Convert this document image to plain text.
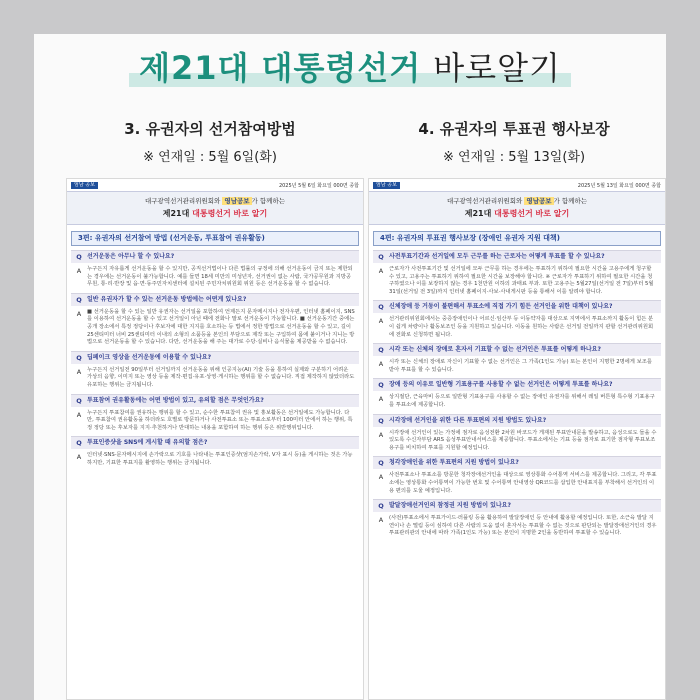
제21대 대통령선거 바로알기
3. 유권자의 선거참여방법
※ 연재일 : 5월 6일(화)
4. 유권자의 투표권 행사보장
※ 연재일 : 5월 13일(화)
엄남 공보	2025년 5월 6일 화요일 000면 종합
대구광역선거관리위원회와 영남공보 가 함께하는
제21대 대통령선거 바로 알기
3편: 유권자의 선거참여 방법 (선거운동, 투표참여 권유활동)
Q 선거운동은 아무나 할 수 있나요?
A	누구든지 자유롭게 선거운동을 할 수 있지만, 공직선거법이나 다른 법률의 규정에 의해 선거운동이 금지 또는 제한되는 경우에는 선거운동이 불가능합니다. 예를 들면 18세 미만의 미성년자, 선거권이 없는 사람, 국가공무원과 지방공무원, 통·리·반장 및 읍·면·동주민자치센터에 설치된 주민자치위원회 위원 등은 선거운동을 할 수 없습니다.
Q 일반 유권자가 할 수 있는 선거운동 방법에는 어떤게 있나요?
A	■ 선거운동을 할 수 있는 일반 유권자는 선거일을 포함하여 언제든지 문자메시지나 전자우편, 인터넷 홈페이지, SNS를 이용하여 선거운동을 할 수 있고 선거일이 아닌 때에 전화나 말로 선거운동이 가능합니다. ■ 선거운동기간 중에는 공개 장소에서 특정 정당이나 후보자에 대한 지지를 호소하는 등 법에서 정한 방법으로 선거운동을 할 수 있고, 길이 25센티미터 너비 25센티미터 이내의 소형의 소품등을 본인의 부담으로 제작 또는 구입하여 몸에 붙이거나 지니는 방법으로 선거운동을 할 수 있습니다. 다만, 선거운동을 해 주는 대가로 수당·실비나 음식물을 제공받을 수 없습니다.
Q 딥페이크 영상을 선거운동에 이용할 수 있나요?
A	누구든지 선거일전 90일부터 선거일까지 선거운동을 위해 인공지능(AI) 기술 등을 통하여 실제와 구분하기 어려운 가상의 음향, 이미지 또는 영상 등을 제작·편집·유포·상영·게시하는 행위를 할 수 없습니다. 직접 제작하지 않았더라도 유포하는 행위는 금지됩니다.
Q 투표참여 권유활동에는 어떤 방법이 있고, 유의할 점은 무엇인가요?
A	누구든지 투표참여를 권유하는 행위를 할 수 있고, 순수한 투표참여 권유 및 홍보활동은 선거일에도 가능합니다. 다만, 투표참여 권유활동을 하더라도 호별로 방문하거나 사전투표소 또는 투표소로부터 100미터 안에서 하는 행위, 특정 정당 또는 후보자를 지지·추천하거나 반대하는 내용을 포함하여 하는 행위 등은 위반행위입니다.
Q 투표인증샷을 SNS에 게시할 때 유의할 점은?
A	인터넷·SNS·문자메시지에 손가락으로 기호를 나타내는 투표인증샷(엄지손가락, V자 표시 등)을 게시하는 것은 가능하지만, 기표한 투표지를 촬영하는 행위는 금지됩니다.
엄남 공보	2025년 5월 13일 화요일 000면 종합
대구광역선거관리위원회와 영남공보 가 함께하는
제21대 대통령선거 바로 알기
4편: 유권자의 투표권 행사보장 (장애인 유권자 지원 대책)
Q 사전투표기간과 선거일에 모두 근무를 하는 근로자는 어떻게 투표를 할 수 있나요?
A	근로자가 사전투표기간 및 선거일에 모두 근무를 하는 경우에는 투표하기 위하여 필요한 시간을 고용주에게 청구할 수 있고, 고용주는 투표하기 위하여 필요한 시간을 보장해야 합니다. ※ 근로자가 투표하기 위하여 필요한 시간을 청구하였으나 이를 보장하지 않는 경우 1천만원 이하의 과태료 부과. 또한 고용주는 5월27일(선거일 전 7일)부터 5월31일(선거일 전 3일)까지 인터넷 홈페이지·사보·사내게시판 등을 통해서 이를 알려야 합니다.
Q 신체장애 등 거동이 불편해서 투표소에 직접 가기 힘든 선거인을 위한 대책이 있나요?
A	선거관리위원회에서는 중증장애인이나 어르신·임산부 등 이동약자를 대상으로 지역에서 투표소까지 활동이 힘든 분이 쉽게 차량이나 활동보조인 등을 지원하고 있습니다. 이동을 원하는 사람은 선거일 전일까지 관할 선거관리위원회에 전화로 신청하면 됩니다.
Q 시각 또는 신체의 장애로 혼자서 기표할 수 없는 선거인은 투표를 어떻게 하나요?
A	시각 또는 신체의 장애로 자신이 기표할 수 없는 선거인은 그 가족(1인도 가능) 또는 본인이 지명한 2명에게 보조를 받아 투표를 할 수 있습니다.
Q 장애 등의 이유로 일반형 기표용구를 사용할 수 없는 선거인은 어떻게 투표를 하나요?
A	상지절단, 근육마비 등으로 일반형 기표용구를 사용할 수 없는 장애인 유권자를 위해서 레일 버튼형 특수형 기표용구를 투표소에 제공합니다.
Q 시각장애 선거인을 위한 다른 투표편의 지원 방법도 있나요?
A	시각장애 선거인이 있는 가정에 점자로 음성전환 2차원 바코드가 게재된 투표안내문을 발송하고, 음성으로도 들을 수 있도록 수신자부담 ARS 음성투표안내서비스를 제공합니다. 투표소에서는 기표 등을 점자로 표기한 점자형 투표보조용구를 비치하여 투표를 지원할 예정입니다.
Q 청각장애인을 위한 투표편의 지원 방법이 있나요?
A	사전투표소나 투표소를 방문한 청각장애선거인을 대상으로 영상통화 수어통역 서비스를 제공합니다. 그리고, 각 투표소에는 영상통화 수어통역이 가능한 번호 및 수어통역 안내영상 QR코드를 삽입한 안내표지를 부착해서 선거인의 이용 편의를 도울 예정입니다.
Q 발달장애선거인의 참정권 지원 방법이 있나요?
A	(사전)투표소에서 투표가이드·러플링 등을 활용하여 발달장애인 등 안내에 활용할 예정입니다. 또한, 소근육 발달 지연이나 손 떨림 등이 심하여 다른 사람의 도움 없이 혼자서는 투표할 수 없는 것으로 판단되는 발달장애선거인의 경우 투표관리관의 안내에 따라 가족(1인도 가능) 또는 본인이 지명한 2인을 동반하여 투표할 수 있습니다.
